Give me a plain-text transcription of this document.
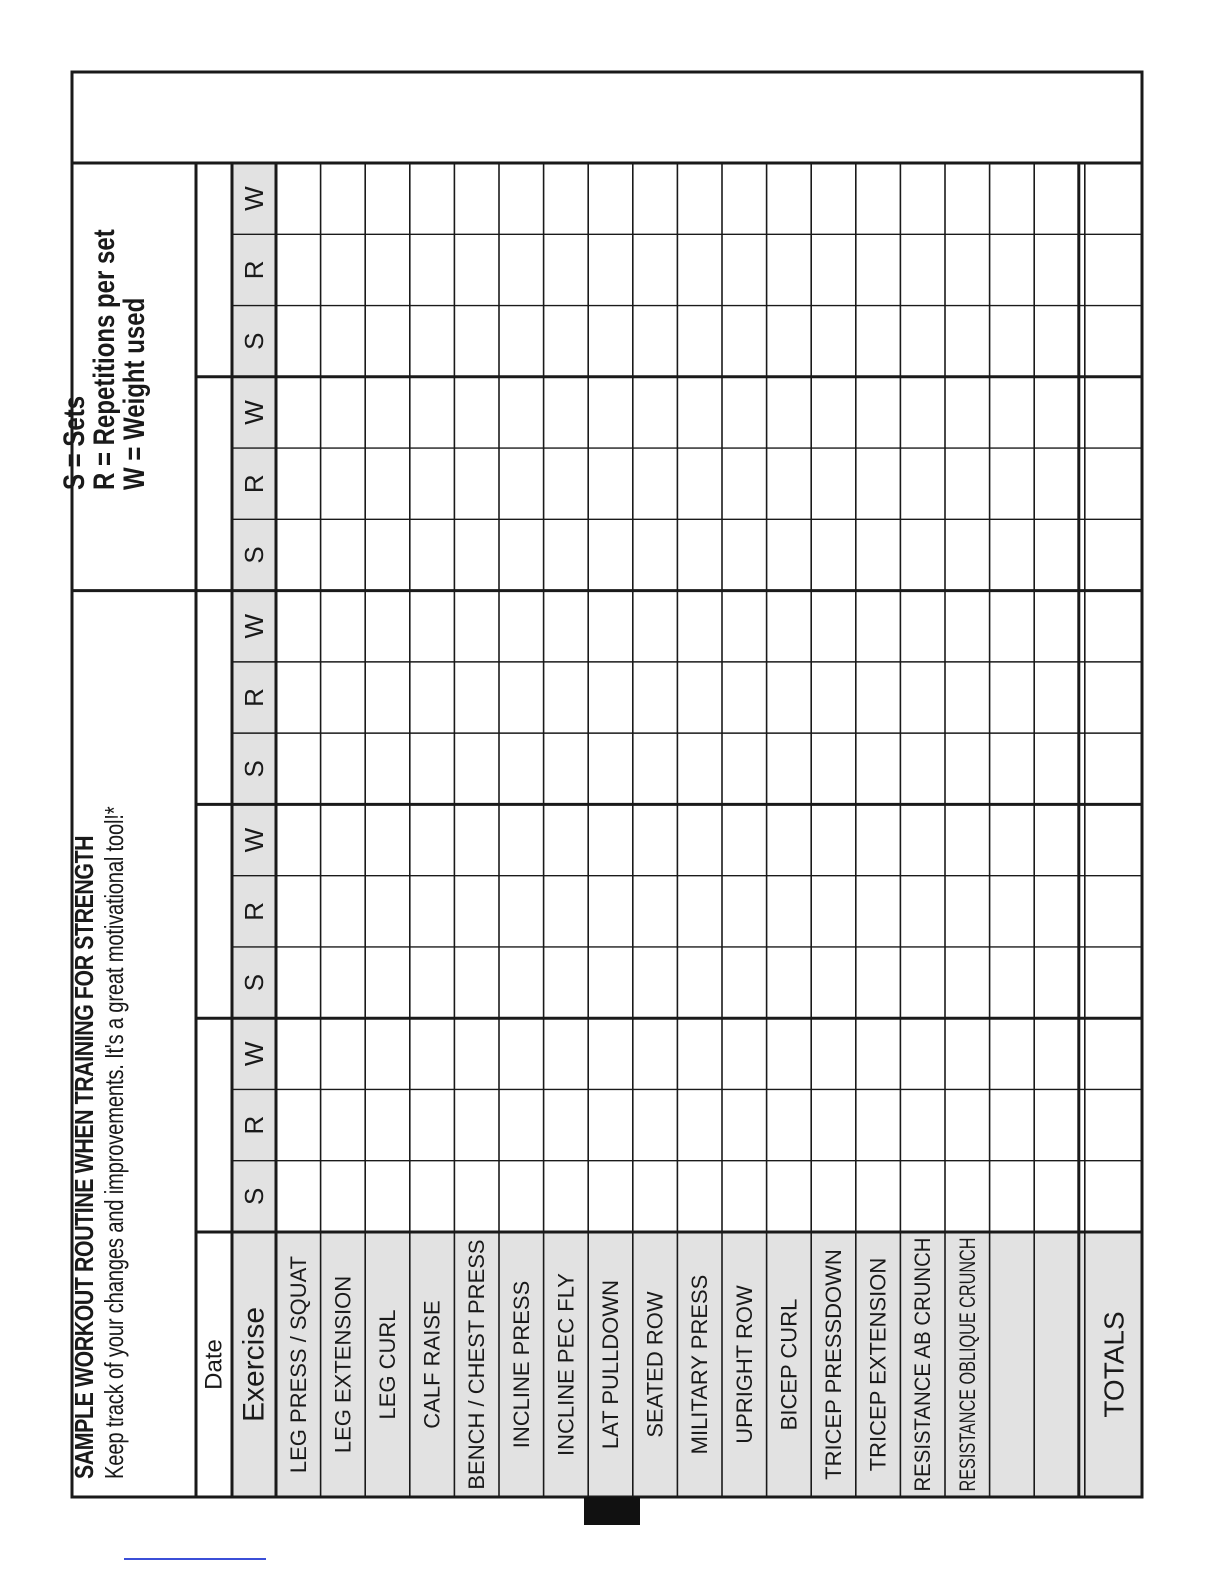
W
R
S
W
R
S
W
R
S
W
R
S
W
R
S
LEG PRESS / SQUAT LEG EXTENSION LEG CURL CALF RAISE BENCH / CHEST PRESS INCLINE PRESS INCLINE PEC FLY LAT PULLDOWN SEATED ROW MILITARY PRESS UPRIGHT ROW BICEP CURL TRICEP PRESSDOWN TRICEP EXTENSION RESISTANCE AB CRUNCH RESISTANCE OBLIQUE CRUNCH
Date Exercise	TOTALS
SAMPLE WORKOUT ROUTINE WHEN TRAINING FOR STRENGTH Keep track of your changes and improvements. It's a great motivational tool!*
S = Sets
R = Repetitions per set
W = Weight used
